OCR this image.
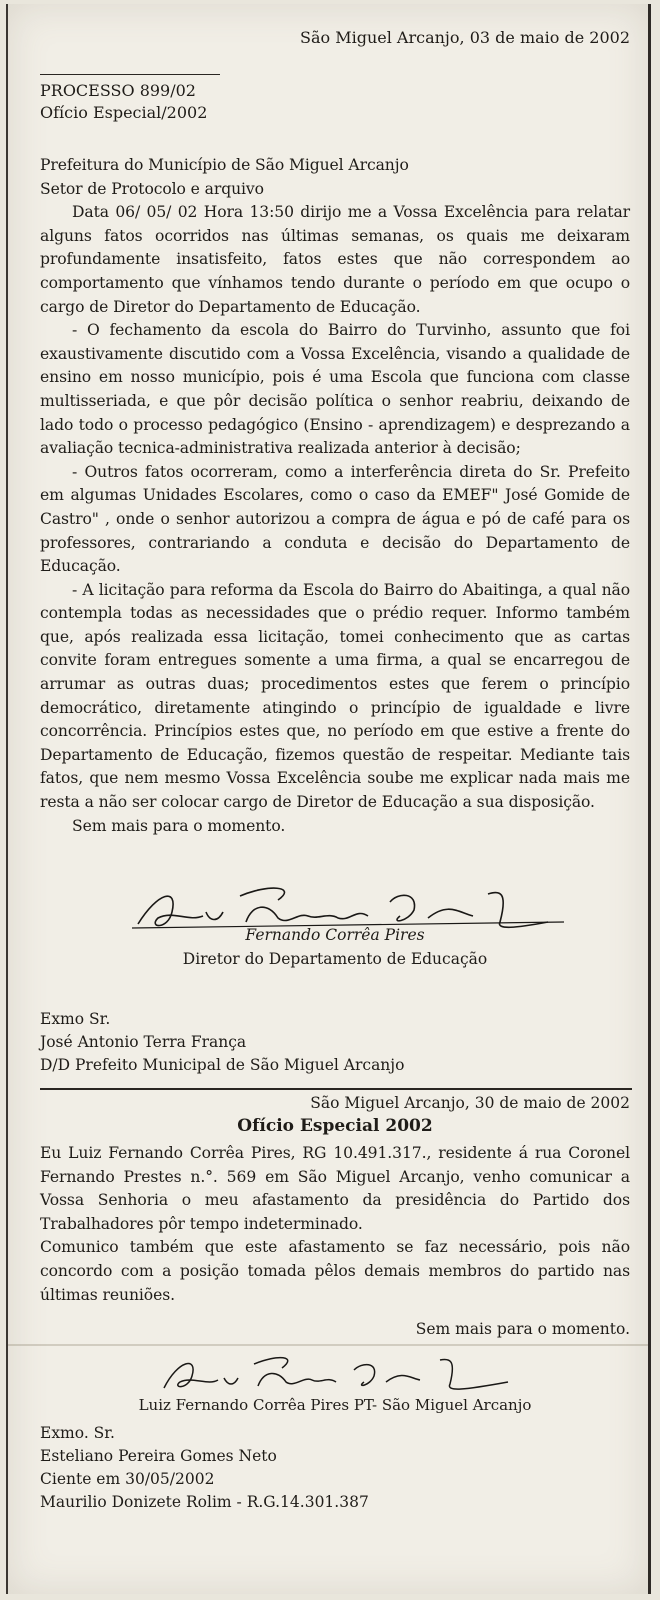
São Miguel Arcanjo, 03 de maio de 2002
PROCESSO 899/02
Ofício Especial/2002

Prefeitura do Município de São Miguel Arcanjo

Setor de Protocolo e arquivo

Data 06/ 05/ 02 Hora 13:50 dirijo me a Vossa Excelência para relatar alguns fatos ocorridos nas últimas semanas, os quais me deixaram profundamente insatisfeito, fatos estes que não correspondem ao comportamento que vínhamos tendo durante o período em que ocupo o cargo de Diretor do Departamento de Educação.

- O fechamento da escola do Bairro do Turvinho, assunto que foi exaustivamente discutido com a Vossa Excelência, visando a qualidade de ensino em nosso município, pois é uma Escola que funciona com classe multisseriada, e que pôr decisão política o senhor reabriu, deixando de lado todo o processo pedagógico (Ensino - aprendizagem) e desprezando a avaliação tecnica-administrativa realizada anterior à decisão;

- Outros fatos ocorreram, como a interferência direta do Sr. Prefeito em algumas Unidades Escolares, como o caso da EMEF" José Gomide de Castro" , onde o senhor autorizou a compra de água e pó de café para os professores, contrariando a conduta e decisão do Departamento de Educação.

- A licitação para reforma da Escola do Bairro do Abaitinga, a qual não contempla todas as necessidades que o prédio requer. Informo também que, após realizada essa licitação, tomei conhecimento que as cartas convite foram entregues somente a uma firma, a qual se encarregou de arrumar as outras duas; procedimentos estes que ferem o princípio democrático, diretamente atingindo o princípio de igualdade e livre concorrência. Princípios estes que, no período em que estive a frente do Departamento de Educação, fizemos questão de respeitar. Mediante tais fatos, que nem mesmo Vossa Excelência soube me explicar nada mais me resta a não ser colocar cargo de Diretor de Educação a sua disposição.

Sem mais para o momento.

Fernando Corrêa Pires
Diretor do Departamento de Educação
Exmo Sr.
José Antonio Terra França
D/D Prefeito Municipal de São Miguel Arcanjo
São Miguel Arcanjo, 30 de maio de 2002
Ofício Especial 2002

Eu Luiz Fernando Corrêa Pires, RG 10.491.317., residente á rua Coronel Fernando Prestes n.°. 569 em São Miguel Arcanjo, venho comunicar a Vossa Senhoria o meu afastamento da presidência do Partido dos Trabalhadores pôr tempo indeterminado.

Comunico também que este afastamento se faz necessário, pois não concordo com a posição tomada pêlos demais membros do partido nas últimas reuniões.

Sem mais para o momento.
Luiz Fernando Corrêa Pires PT- São Miguel Arcanjo
Exmo. Sr.
Esteliano Pereira Gomes Neto
Ciente em 30/05/2002
Maurilio Donizete Rolim - R.G.14.301.387
